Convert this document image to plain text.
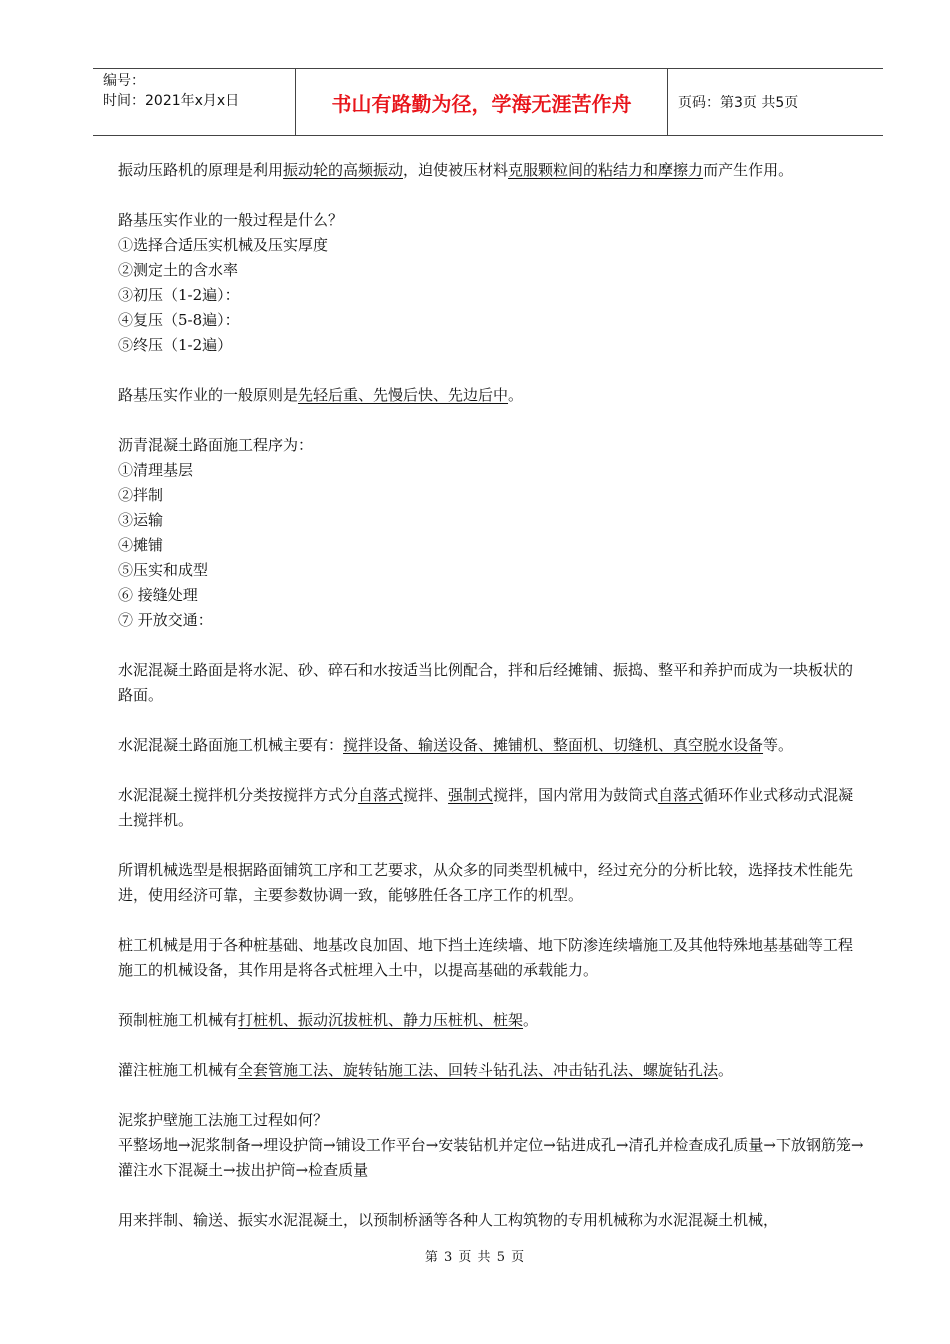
编号：
时间：2021年x月x日	书山有路勤为径，学海无涯苦作舟	页码：第3页 共5页

振动压路机的原理是利用振动轮的高频振动，迫使被压材料克服颗粒间的粘结力和摩擦力而产生作用。

路基压实作业的一般过程是什么？

①选择合适压实机械及压实厚度

②测定土的含水率

③初压（1-2遍）：

④复压（5-8遍）：

⑤终压（1-2遍）

路基压实作业的一般原则是先轻后重、先慢后快、先边后中。

沥青混凝土路面施工程序为：

①清理基层

②拌制

③运输

④摊铺

⑤压实和成型

⑥ 接缝处理

⑦ 开放交通：

水泥混凝土路面是将水泥、砂、碎石和水按适当比例配合，拌和后经摊铺、振捣、整平和养护而成为一块板状的路面。

水泥混凝土路面施工机械主要有：搅拌设备、输送设备、摊铺机、整面机、切缝机、真空脱水设备等。

水泥混凝土搅拌机分类按搅拌方式分自落式搅拌、强制式搅拌，国内常用为鼓筒式自落式循环作业式移动式混凝土搅拌机。

所谓机械选型是根据路面铺筑工序和工艺要求，从众多的同类型机械中，经过充分的分析比较，选择技术性能先进，使用经济可靠，主要参数协调一致，能够胜任各工序工作的机型。

桩工机械是用于各种桩基础、地基改良加固、地下挡土连续墙、地下防渗连续墙施工及其他特殊地基基础等工程施工的机械设备，其作用是将各式桩埋入土中，以提高基础的承载能力。

预制桩施工机械有打桩机、振动沉拔桩机、静力压桩机、桩架。

灌注桩施工机械有全套管施工法、旋转钻施工法、回转斗钻孔法、冲击钻孔法、螺旋钻孔法。

泥浆护壁施工法施工过程如何？

平整场地→泥浆制备→埋设护筒→铺设工作平台→安装钻机并定位→钻进成孔→清孔并检查成孔质量→下放钢筋笼→灌注水下混凝土→拔出护筒→检查质量

用来拌制、输送、振实水泥混凝土，以预制桥涵等各种人工构筑物的专用机械称为水泥混凝土机械，

第 3 页 共 5 页
